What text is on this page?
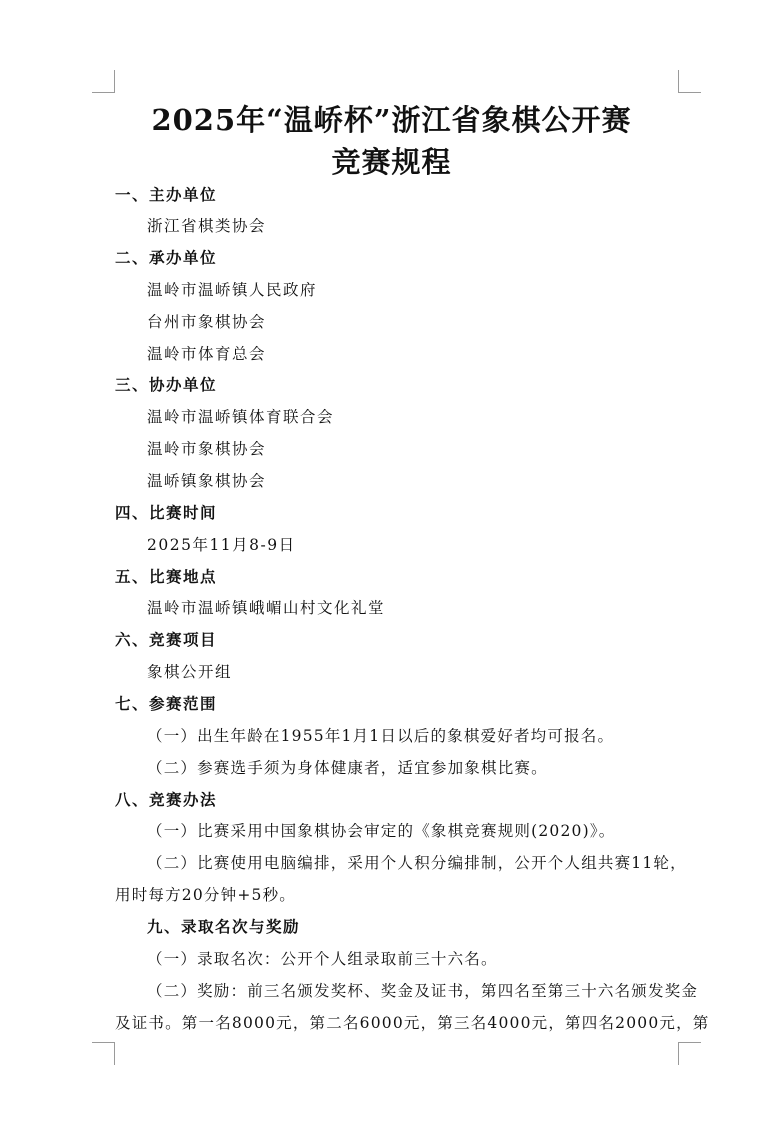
2025年“温峤杯”浙江省象棋公开赛
竞赛规程
一、主办单位
浙江省棋类协会
二、承办单位
温岭市温峤镇人民政府
台州市象棋协会
温岭市体育总会
三、协办单位
温岭市温峤镇体育联合会
温岭市象棋协会
温峤镇象棋协会
四、比赛时间
2025年11月8-9日
五、比赛地点
温岭市温峤镇峨嵋山村文化礼堂
六、竞赛项目
象棋公开组
七、参赛范围
（一）出生年龄在1955年1月1日以后的象棋爱好者均可报名。
（二）参赛选手须为身体健康者，适宜参加象棋比赛。
八、竞赛办法
（一）比赛采用中国象棋协会审定的《象棋竞赛规则(2020)》。
（二）比赛使用电脑编排，采用个人积分编排制，公开个人组共赛11轮，
用时每方20分钟+5秒。
九、录取名次与奖励
（一）录取名次：公开个人组录取前三十六名。
（二）奖励：前三名颁发奖杯、奖金及证书，第四名至第三十六名颁发奖金
及证书。第一名8000元，第二名6000元，第三名4000元，第四名2000元，第
